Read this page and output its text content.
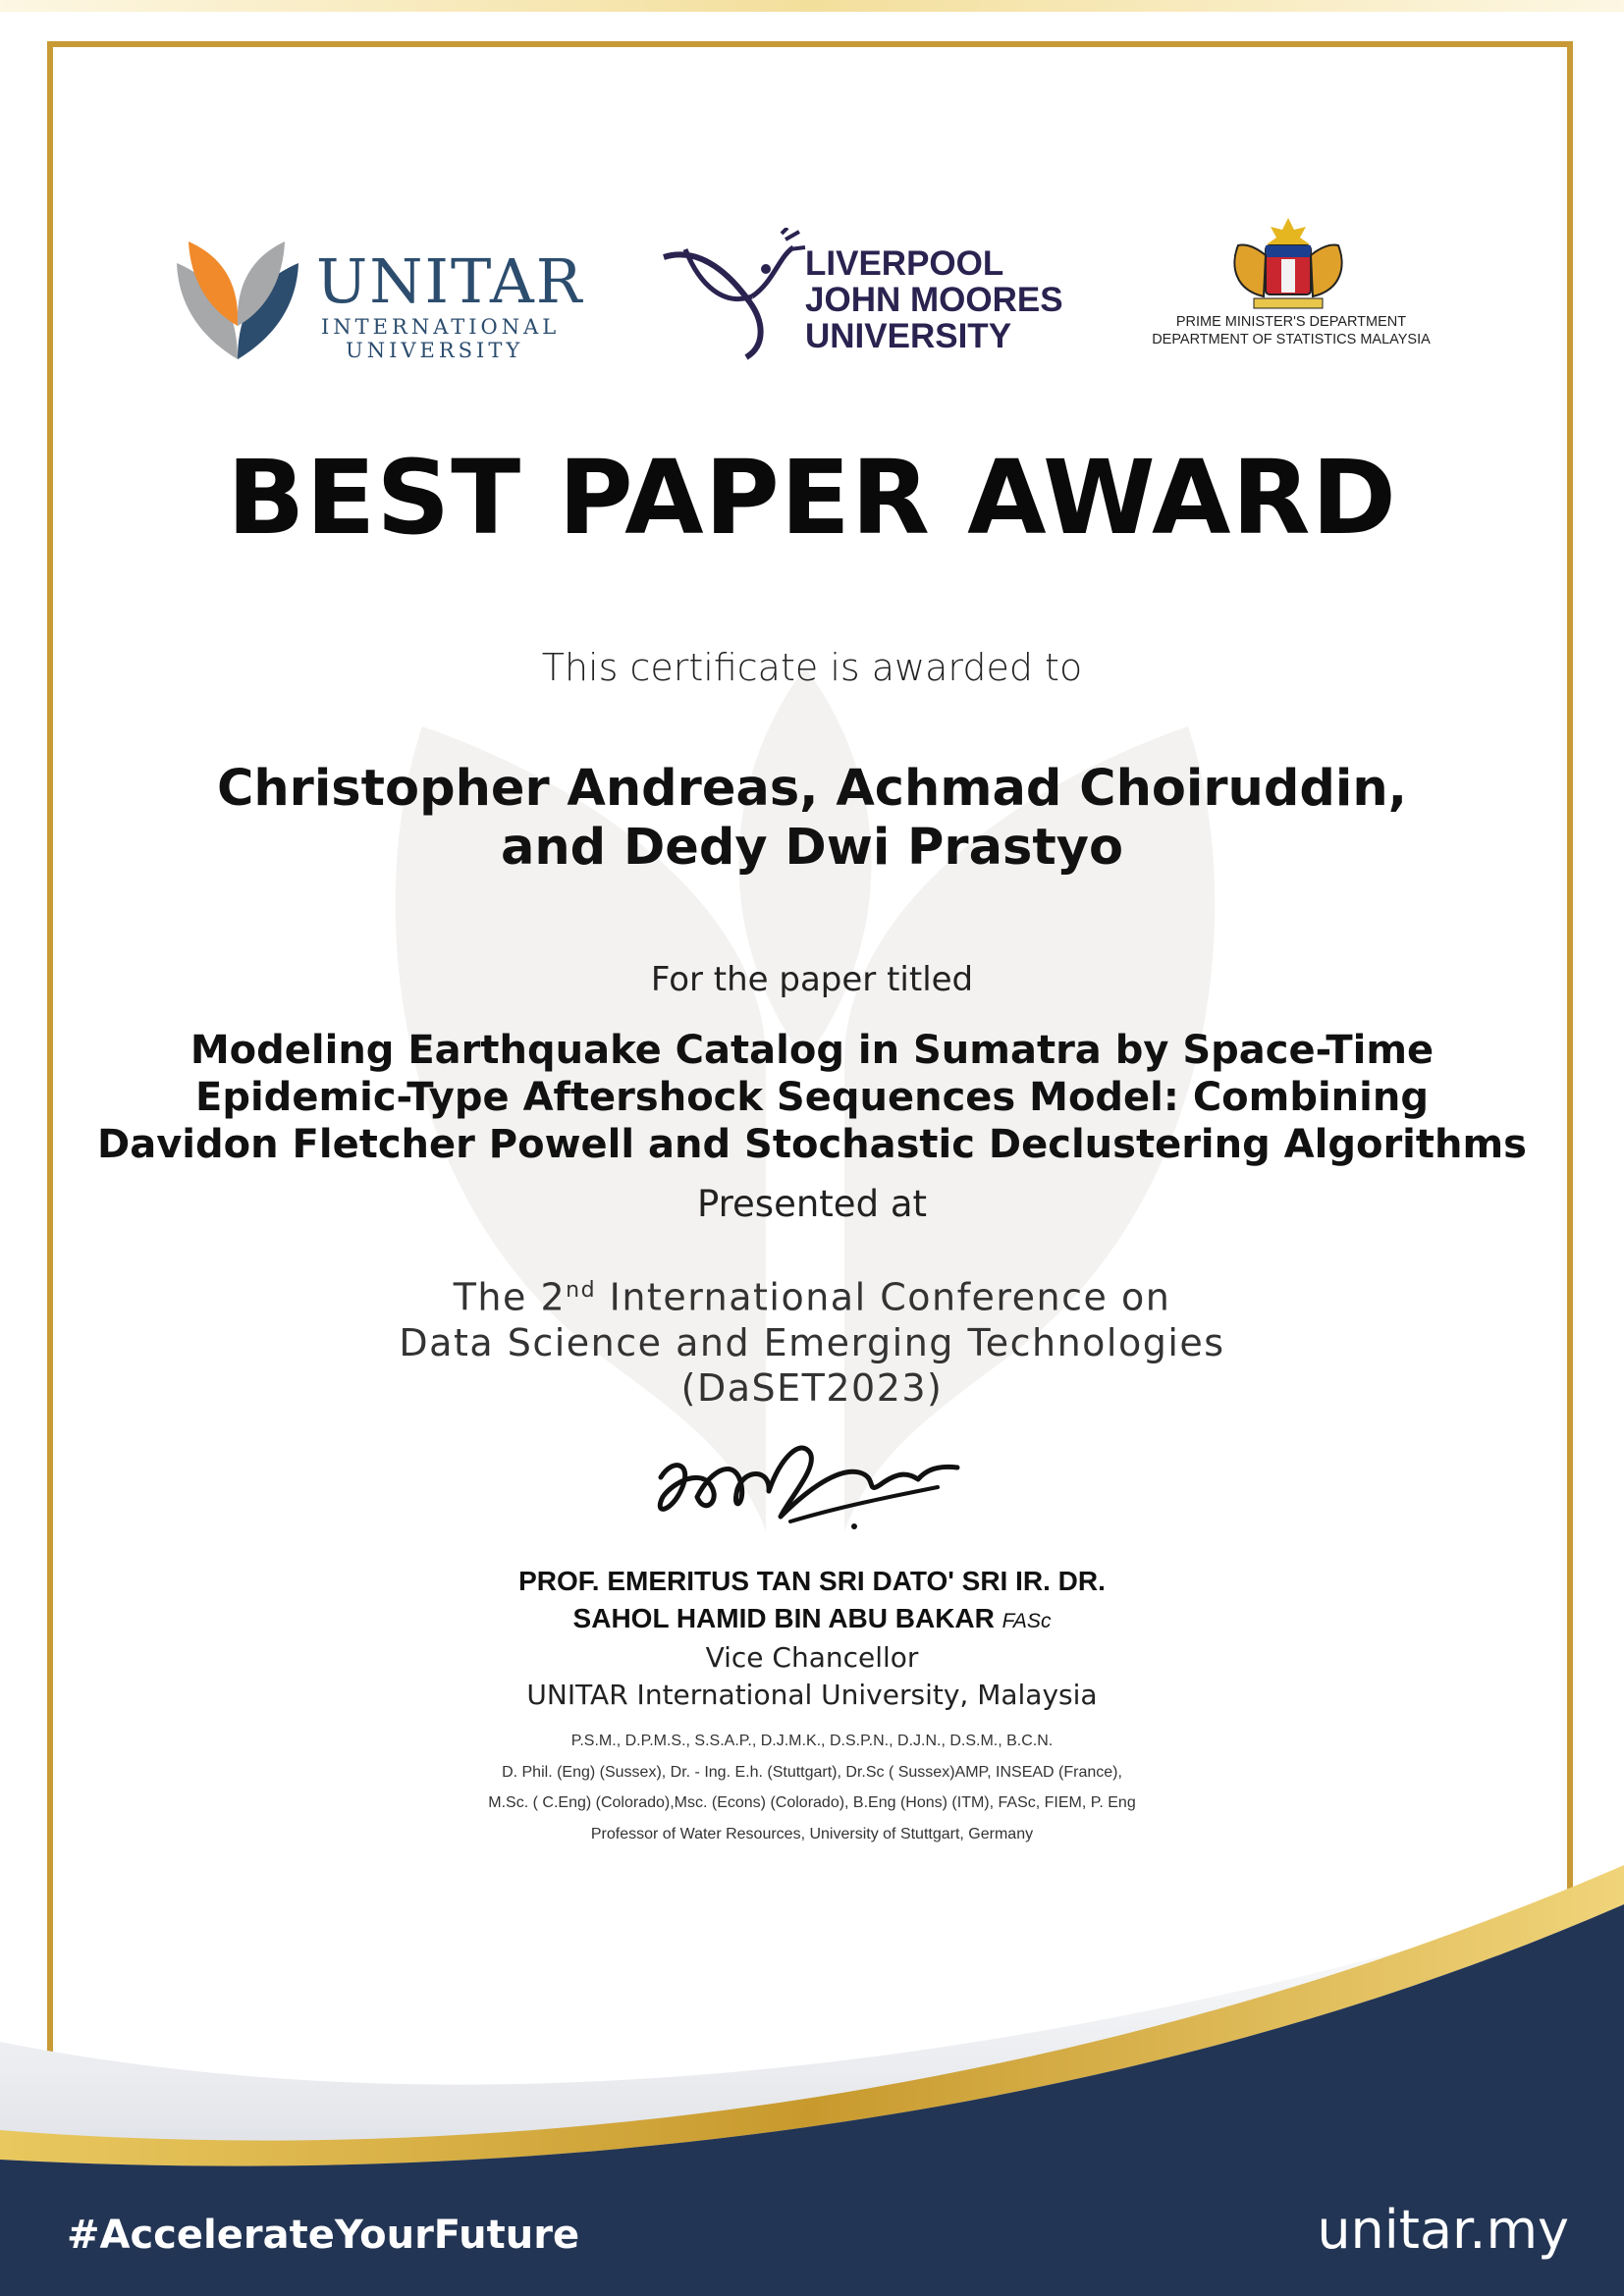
UNITAR
INTERNATIONAL
UNIVERSITY
LIVERPOOL
JOHN MOORES
UNIVERSITY	PRIME MINISTER'S DEPARTMENT
DEPARTMENT OF STATISTICS MALAYSIA
BEST PAPER AWARD
This certificate is awarded to
Christopher Andreas, Achmad Choiruddin,
and Dedy Dwi Prastyo
For the paper titled
Modeling Earthquake Catalog in Sumatra by Space-Time
Epidemic-Type Aftershock Sequences Model: Combining
Davidon Fletcher Powell and Stochastic Declustering Algorithms
Presented at
The 2nd International Conference on
Data Science and Emerging Technologies
(DaSET2023)
PROF. EMERITUS TAN SRI DATO' SRI IR. DR.
SAHOL HAMID BIN ABU BAKAR FASc
Vice Chancellor
UNITAR International University, Malaysia
P.S.M., D.P.M.S., S.S.A.P., D.J.M.K., D.S.P.N., D.J.N., D.S.M., B.C.N.
D. Phil. (Eng) (Sussex), Dr. - Ing. E.h. (Stuttgart), Dr.Sc ( Sussex)AMP, INSEAD (France),
M.Sc. ( C.Eng) (Colorado),Msc. (Econs) (Colorado), B.Eng (Hons) (ITM), FASc, FIEM, P. Eng
Professor of Water Resources, University of Stuttgart, Germany
#AccelerateYourFuture	unitar.my
